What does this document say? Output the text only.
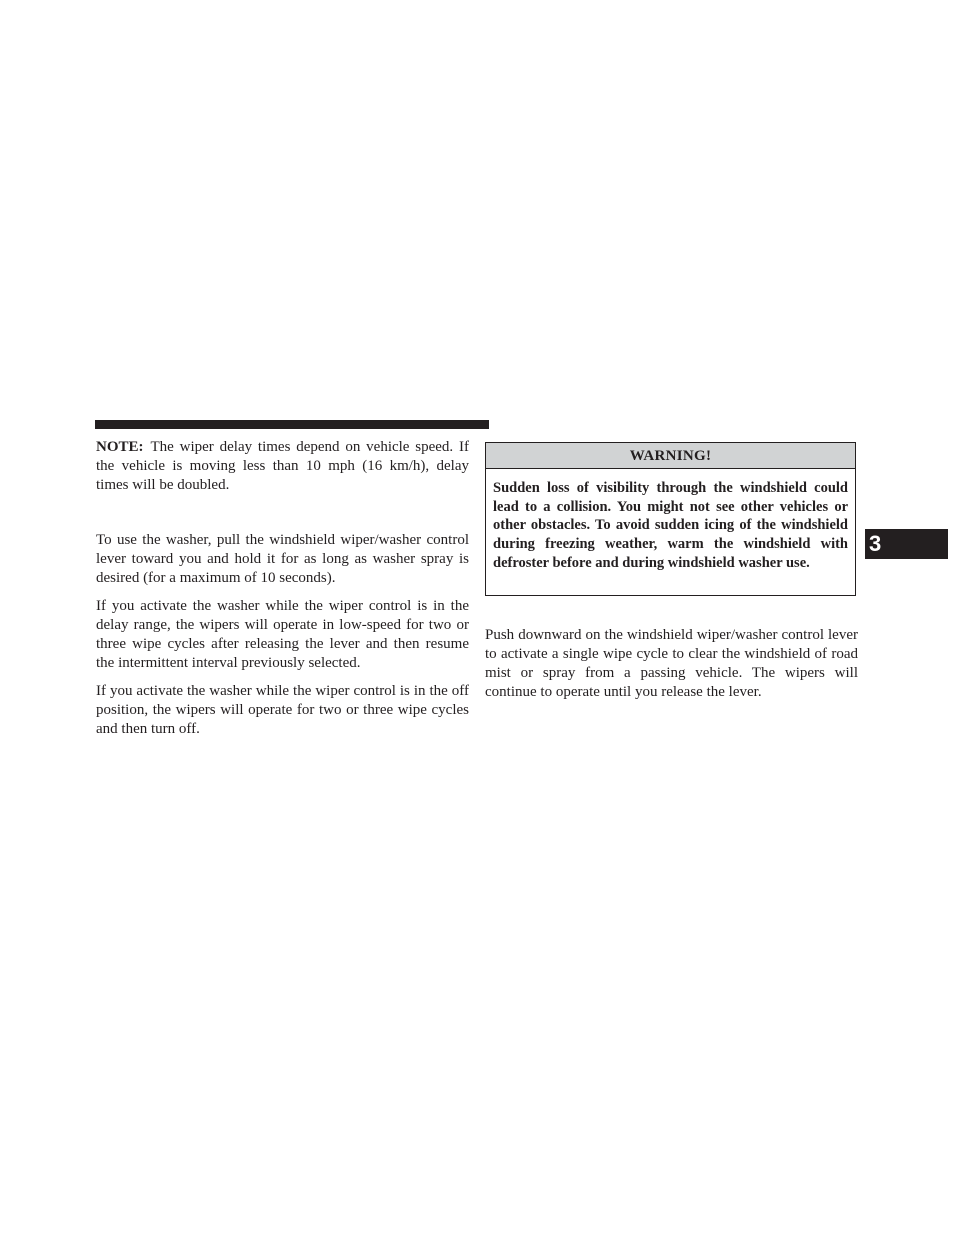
NOTE: The wiper delay times depend on vehicle speed. If the vehicle is moving less than 10 mph (16 km/h), delay times will be doubled.

To use the washer, pull the windshield wiper/washer control lever toward you and hold it for as long as washer spray is desired (for a maximum of 10 seconds).

If you activate the washer while the wiper control is in the delay range, the wipers will operate in low-speed for two or three wipe cycles after releasing the lever and then resume the intermittent interval previously selected.

If you activate the washer while the wiper control is in the off position, the wipers will operate for two or three wipe cycles and then turn off.

WARNING!
Sudden loss of visibility through the windshield could lead to a collision. You might not see other vehicles or other obstacles. To avoid sudden icing of the windshield during freezing weather, warm the windshield with defroster before and during windshield washer use.

Push downward on the windshield wiper/washer control lever to activate a single wipe cycle to clear the windshield of road mist or spray from a passing vehicle. The wipers will continue to operate until you release the lever.

3
